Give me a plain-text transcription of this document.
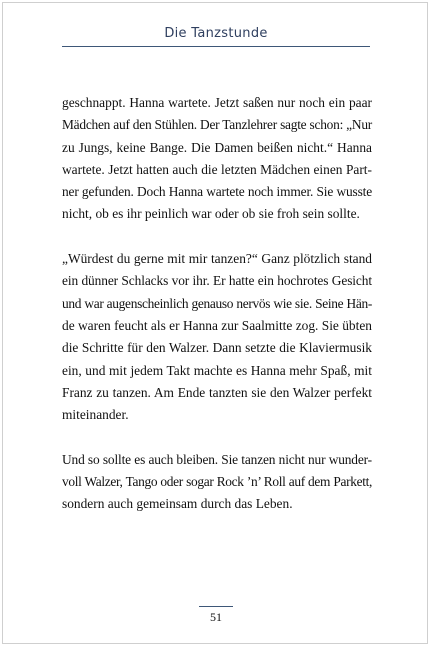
Die Tanzstunde
geschnappt. Hanna wartete. Jetzt saßen nur noch ein paar
Mädchen auf den Stühlen. Der Tanzlehrer sagte schon: „Nur
zu Jungs, keine Bange. Die Damen beißen nicht.“ Hanna
wartete. Jetzt hatten auch die letzten Mädchen einen Part-
ner gefunden. Doch Hanna wartete noch immer. Sie wusste
nicht, ob es ihr peinlich war oder ob sie froh sein sollte.
„Würdest du gerne mit mir tanzen?“ Ganz plötzlich stand
ein dünner Schlacks vor ihr. Er hatte ein hochrotes Gesicht
und war augenscheinlich genauso nervös wie sie. Seine Hän-
de waren feucht als er Hanna zur Saalmitte zog. Sie übten
die Schritte für den Walzer. Dann setzte die Klaviermusik
ein, und mit jedem Takt machte es Hanna mehr Spaß, mit
Franz zu tanzen. Am Ende tanzten sie den Walzer perfekt
miteinander.
Und so sollte es auch bleiben. Sie tanzen nicht nur wunder-
voll Walzer, Tango oder sogar Rock ’n’ Roll auf dem Parkett,
sondern auch gemeinsam durch das Leben.
51
